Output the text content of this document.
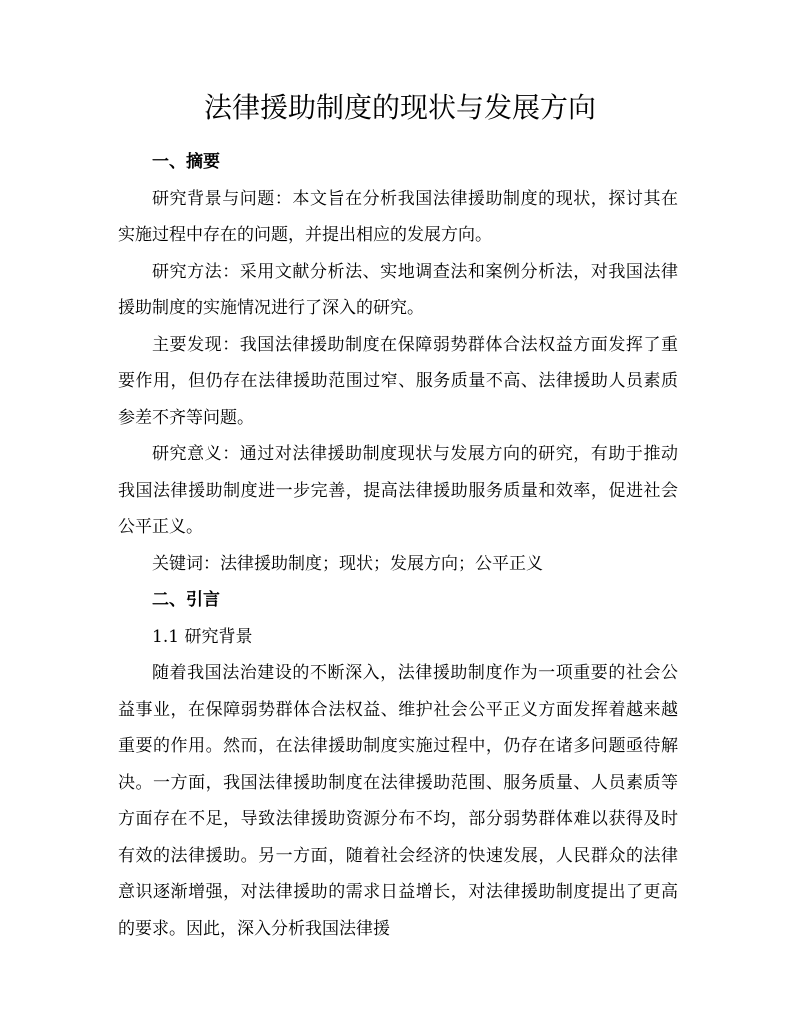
法律援助制度的现状与发展方向

一、摘要

研究背景与问题：本文旨在分析我国法律援助制度的现状，探讨其在实施过程中存在的问题，并提出相应的发展方向。

研究方法：采用文献分析法、实地调查法和案例分析法，对我国法律援助制度的实施情况进行了深入的研究。

主要发现：我国法律援助制度在保障弱势群体合法权益方面发挥了重要作用，但仍存在法律援助范围过窄、服务质量不高、法律援助人员素质参差不齐等问题。

研究意义：通过对法律援助制度现状与发展方向的研究，有助于推动我国法律援助制度进一步完善，提高法律援助服务质量和效率，促进社会公平正义。

关键词：法律援助制度；现状；发展方向；公平正义

二、引言

1.1 研究背景

随着我国法治建设的不断深入，法律援助制度作为一项重要的社会公益事业，在保障弱势群体合法权益、维护社会公平正义方面发挥着越来越重要的作用。然而，在法律援助制度实施过程中，仍存在诸多问题亟待解决。一方面，我国法律援助制度在法律援助范围、服务质量、人员素质等方面存在不足，导致法律援助资源分布不均，部分弱势群体难以获得及时有效的法律援助。另一方面，随着社会经济的快速发展，人民群众的法律意识逐渐增强，对法律援助的需求日益增长，对法律援助制度提出了更高的要求。因此，深入分析我国法律援
